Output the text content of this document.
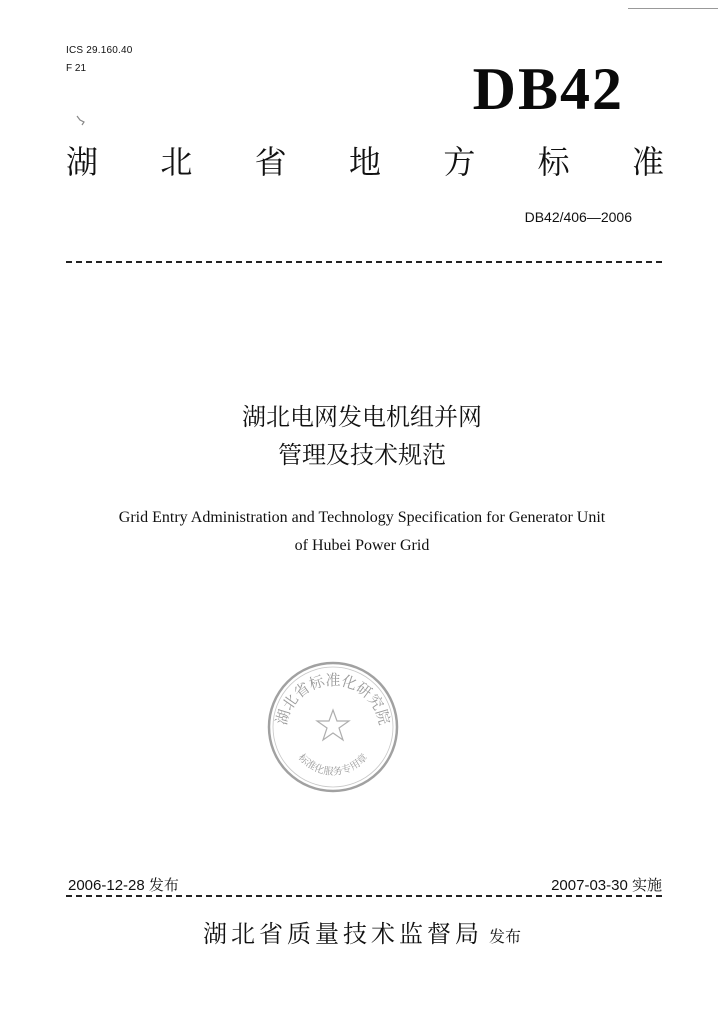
ICS 29.160.40
F 21	DB42
湖 北 省 地 方 标 准
DB42/406—2006
湖北电网发电机组并网
管理及技术规范
Grid Entry Administration and Technology Specification for Generator Unit
of Hubei Power Grid
湖北省标准化研究院
标准化服务专用章
2006-12-28 发布	2007-03-30 实施
湖北省质量技术监督局 发布
